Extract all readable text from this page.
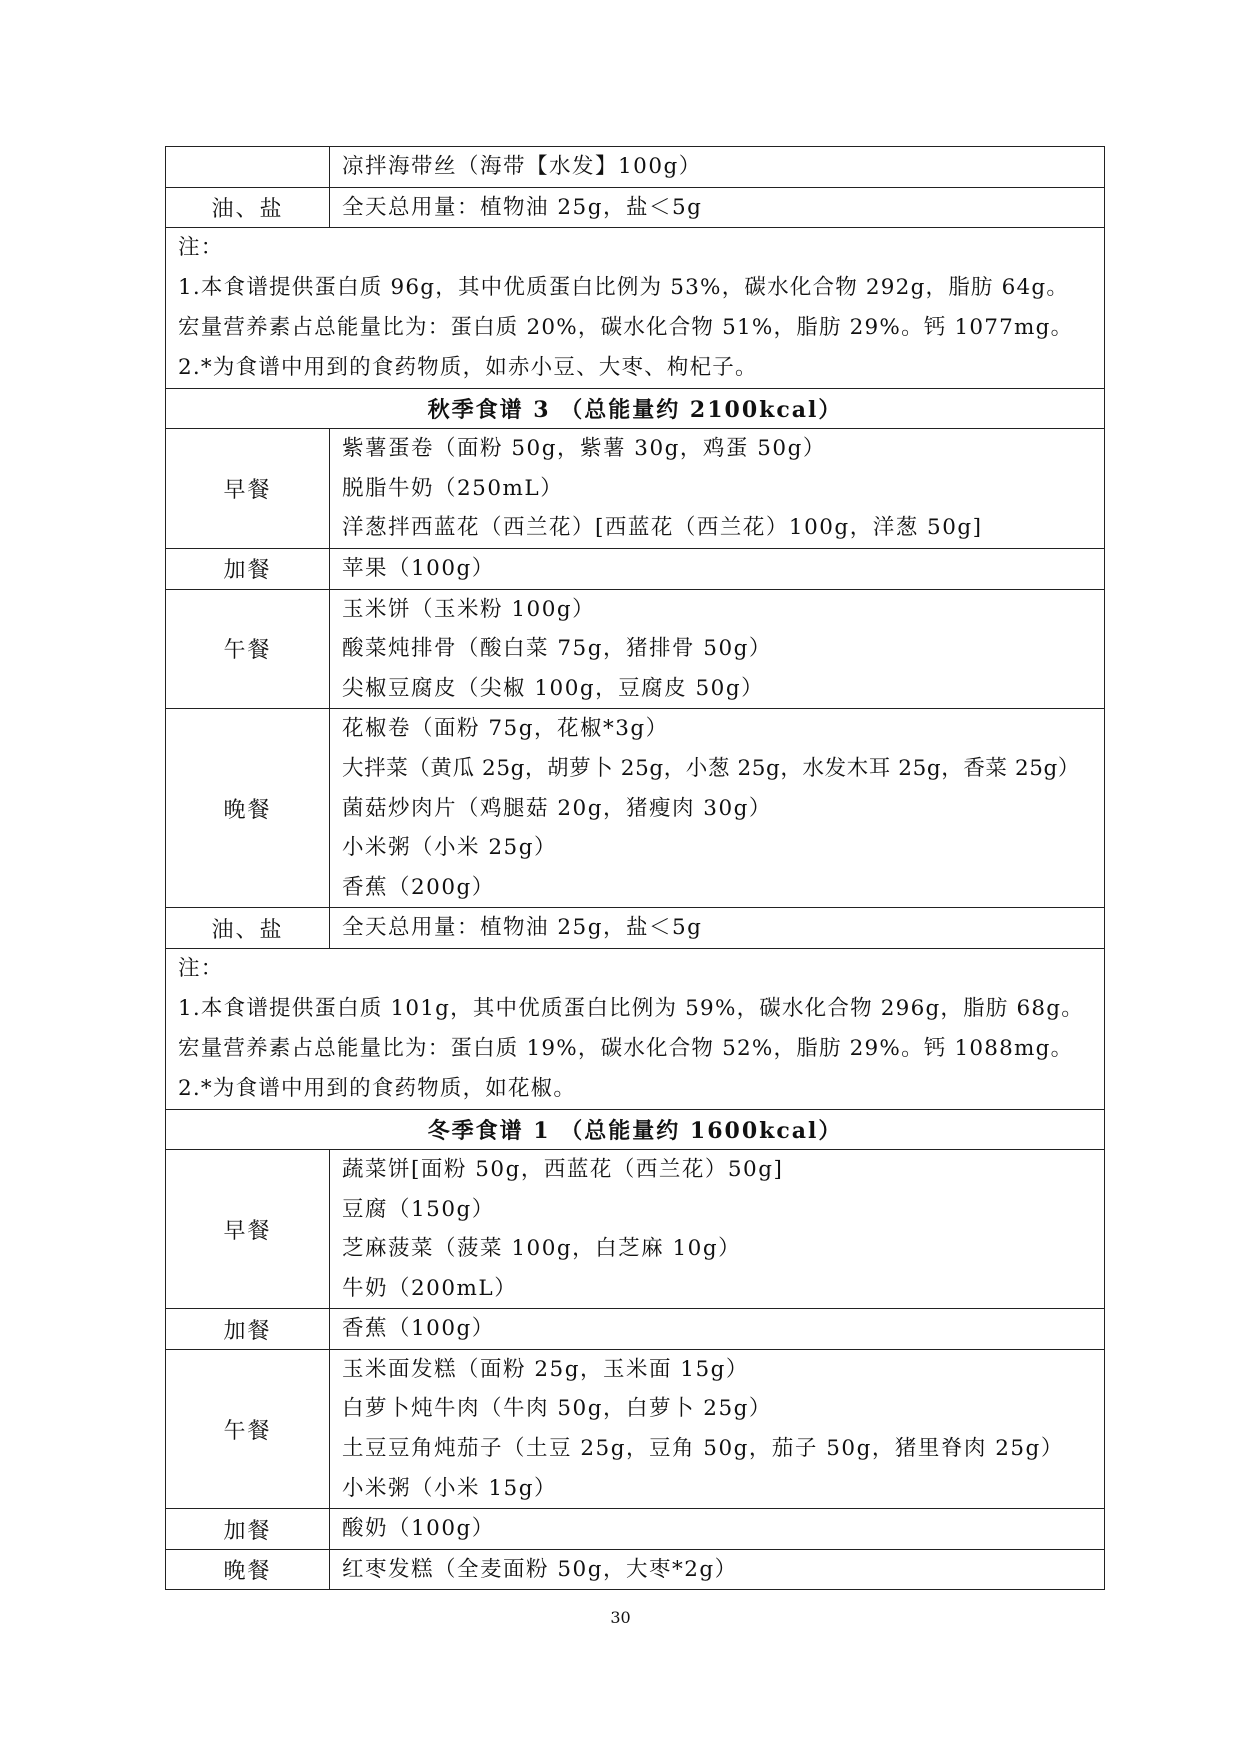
	凉拌海带丝（海带【水发】100g）

油、盐	全天总用量：植物油 25g，盐＜5g

注：
1.本食谱提供蛋白质 96g，其中优质蛋白比例为 53%，碳水化合物 292g，脂肪 64g。
宏量营养素占总能量比为：蛋白质 20%，碳水化合物 51%，脂肪 29%。钙 1077mg。
2.*为食谱中用到的食药物质，如赤小豆、大枣、枸杞子。	

秋季食谱 3 （总能量约 2100kcal）	
早餐	紫薯蛋卷（面粉 50g，紫薯 30g，鸡蛋 50g）
脱脂牛奶（250mL）
洋葱拌西蓝花（西兰花）[西蓝花（西兰花）100g，洋葱 50g]

加餐	苹果（100g）

午餐	玉米饼（玉米粉 100g）
酸菜炖排骨（酸白菜 75g，猪排骨 50g）
尖椒豆腐皮（尖椒 100g，豆腐皮 50g）

晚餐	花椒卷（面粉 75g，花椒*3g）
大拌菜（黄瓜 25g，胡萝卜 25g，小葱 25g，水发木耳 25g，香菜 25g）
菌菇炒肉片（鸡腿菇 20g，猪瘦肉 30g）
小米粥（小米 25g）
香蕉（200g）

油、盐	全天总用量：植物油 25g，盐＜5g

注：
1.本食谱提供蛋白质 101g，其中优质蛋白比例为 59%，碳水化合物 296g，脂肪 68g。
宏量营养素占总能量比为：蛋白质 19%，碳水化合物 52%，脂肪 29%。钙 1088mg。
2.*为食谱中用到的食药物质，如花椒。	

冬季食谱 1 （总能量约 1600kcal）	
早餐	蔬菜饼[面粉 50g，西蓝花（西兰花）50g]
豆腐（150g）
芝麻菠菜（菠菜 100g，白芝麻 10g）
牛奶（200mL）

加餐	香蕉（100g）

午餐	玉米面发糕（面粉 25g，玉米面 15g）
白萝卜炖牛肉（牛肉 50g，白萝卜 25g）
土豆豆角炖茄子（土豆 25g，豆角 50g，茄子 50g，猪里脊肉 25g）
小米粥（小米 15g）

加餐	酸奶（100g）

晚餐	红枣发糕（全麦面粉 50g，大枣*2g）
30
